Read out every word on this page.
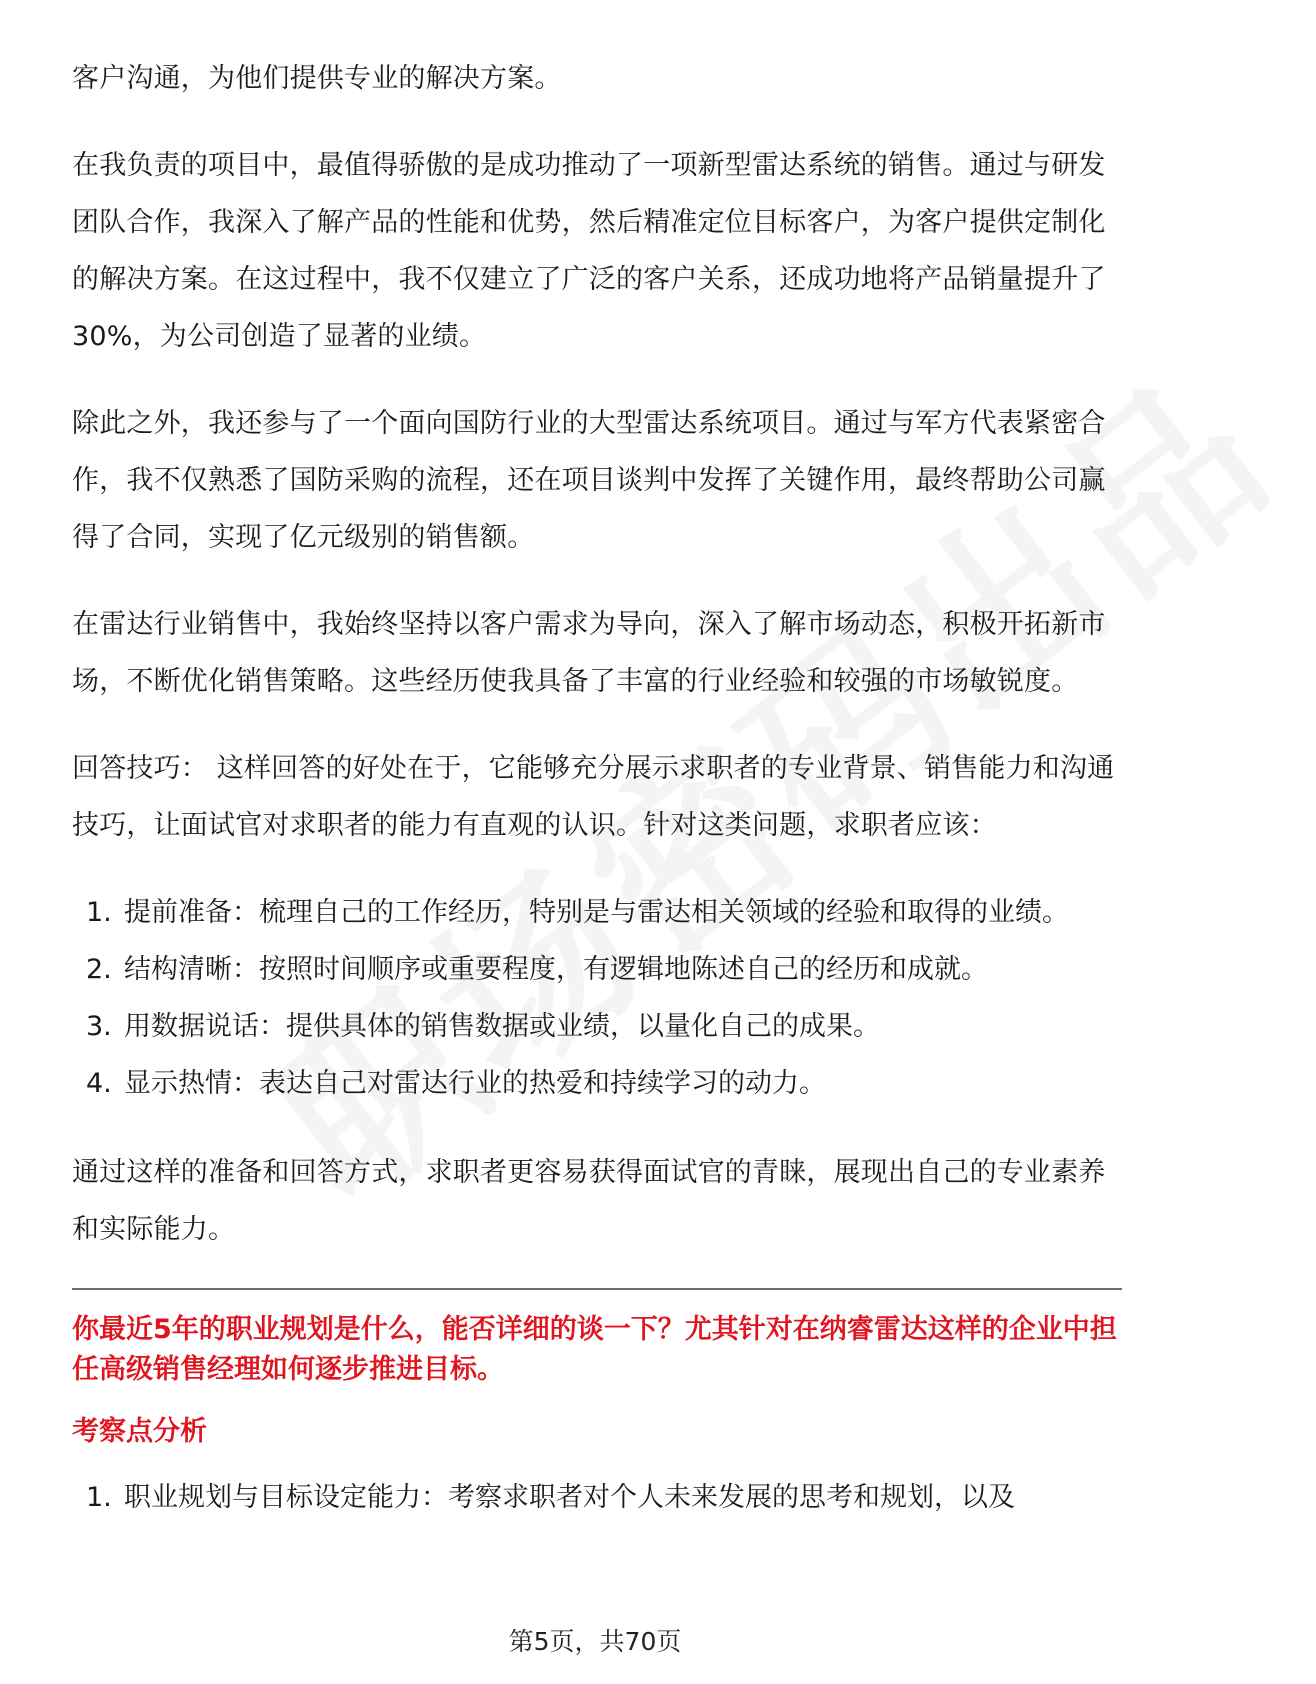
客户沟通，为他们提供专业的解决方案。

在我负责的项目中，最值得骄傲的是成功推动了一项新型雷达系统的销售。通过与研发团队合作，我深入了解产品的性能和优势，然后精准定位目标客户，为客户提供定制化的解决方案。在这过程中，我不仅建立了广泛的客户关系，还成功地将产品销量提升了30%，为公司创造了显著的业绩。

除此之外，我还参与了一个面向国防行业的大型雷达系统项目。通过与军方代表紧密合作，我不仅熟悉了国防采购的流程，还在项目谈判中发挥了关键作用，最终帮助公司赢得了合同，实现了亿元级别的销售额。

在雷达行业销售中，我始终坚持以客户需求为导向，深入了解市场动态，积极开拓新市场，不断优化销售策略。这些经历使我具备了丰富的行业经验和较强的市场敏锐度。

回答技巧： 这样回答的好处在于，它能够充分展示求职者的专业背景、销售能力和沟通技巧，让面试官对求职者的能力有直观的认识。针对这类问题，求职者应该：

1. 提前准备：梳理自己的工作经历，特别是与雷达相关领域的经验和取得的业绩。
2. 结构清晰：按照时间顺序或重要程度，有逻辑地陈述自己的经历和成就。
3. 用数据说话：提供具体的销售数据或业绩，以量化自己的成果。
4. 显示热情：表达自己对雷达行业的热爱和持续学习的动力。

通过这样的准备和回答方式，求职者更容易获得面试官的青睐，展现出自己的专业素养和实际能力。

你最近5年的职业规划是什么，能否详细的谈一下？尤其针对在纳睿雷达这样的企业中担任高级销售经理如何逐步推进目标。
考察点分析
1. 职业规划与目标设定能力：考察求职者对个人未来发展的思考和规划，以及
第5页，共70页
